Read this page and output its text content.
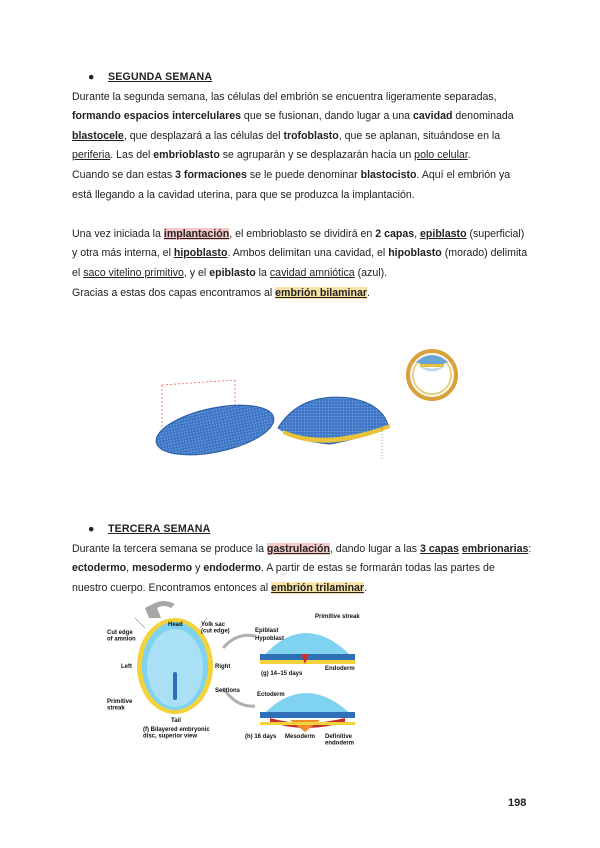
● SEGUNDA SEMANA

Durante la segunda semana, las células del embrión se encuentra ligeramente separadas, formando espacios intercelulares que se fusionan, dando lugar a una cavidad denominada blastocele, que desplazará a las células del trofoblasto, que se aplanan, situándose en la periferia. Las del embrioblasto se agruparán y se desplazarán hacia un polo celular.

Cuando se dan estas 3 formaciones se le puede denominar blastocisto. Aquí el embrión ya está llegando a la cavidad uterina, para que se produzca la implantación.

Una vez iniciada la implantación, el embrioblasto se dividirá en 2 capas, epiblasto (superficial) y otra más interna, el hipoblasto. Ambos delimitan una cavidad, el hipoblasto (morado) delimita el saco vitelino primitivo, y el epiblasto la cavidad amniótica (azul).
Gracias a estas dos capas encontramos al embrión bilaminar.

● TERCERA SEMANA

Durante la tercera semana se produce la gastrulación, dando lugar a las 3 capas embrionarias: ectodermo, mesodermo y endodermo. A partir de estas se formarán todas las partes de nuestro cuerpo. Encontramos entonces al embrión trilaminar.

Head
Cut edge of amnion
Yolk sac (cut edge)
Left	Right
Primitive streak
Sections
Tail
(f) Bilayered embryonic disc, superior view
Primitive streak
Epiblast
Hypoblast
Endoderm
(g) 14–15 days
Ectoderm
(h) 16 days Mesoderm Definitive endoderm
198
